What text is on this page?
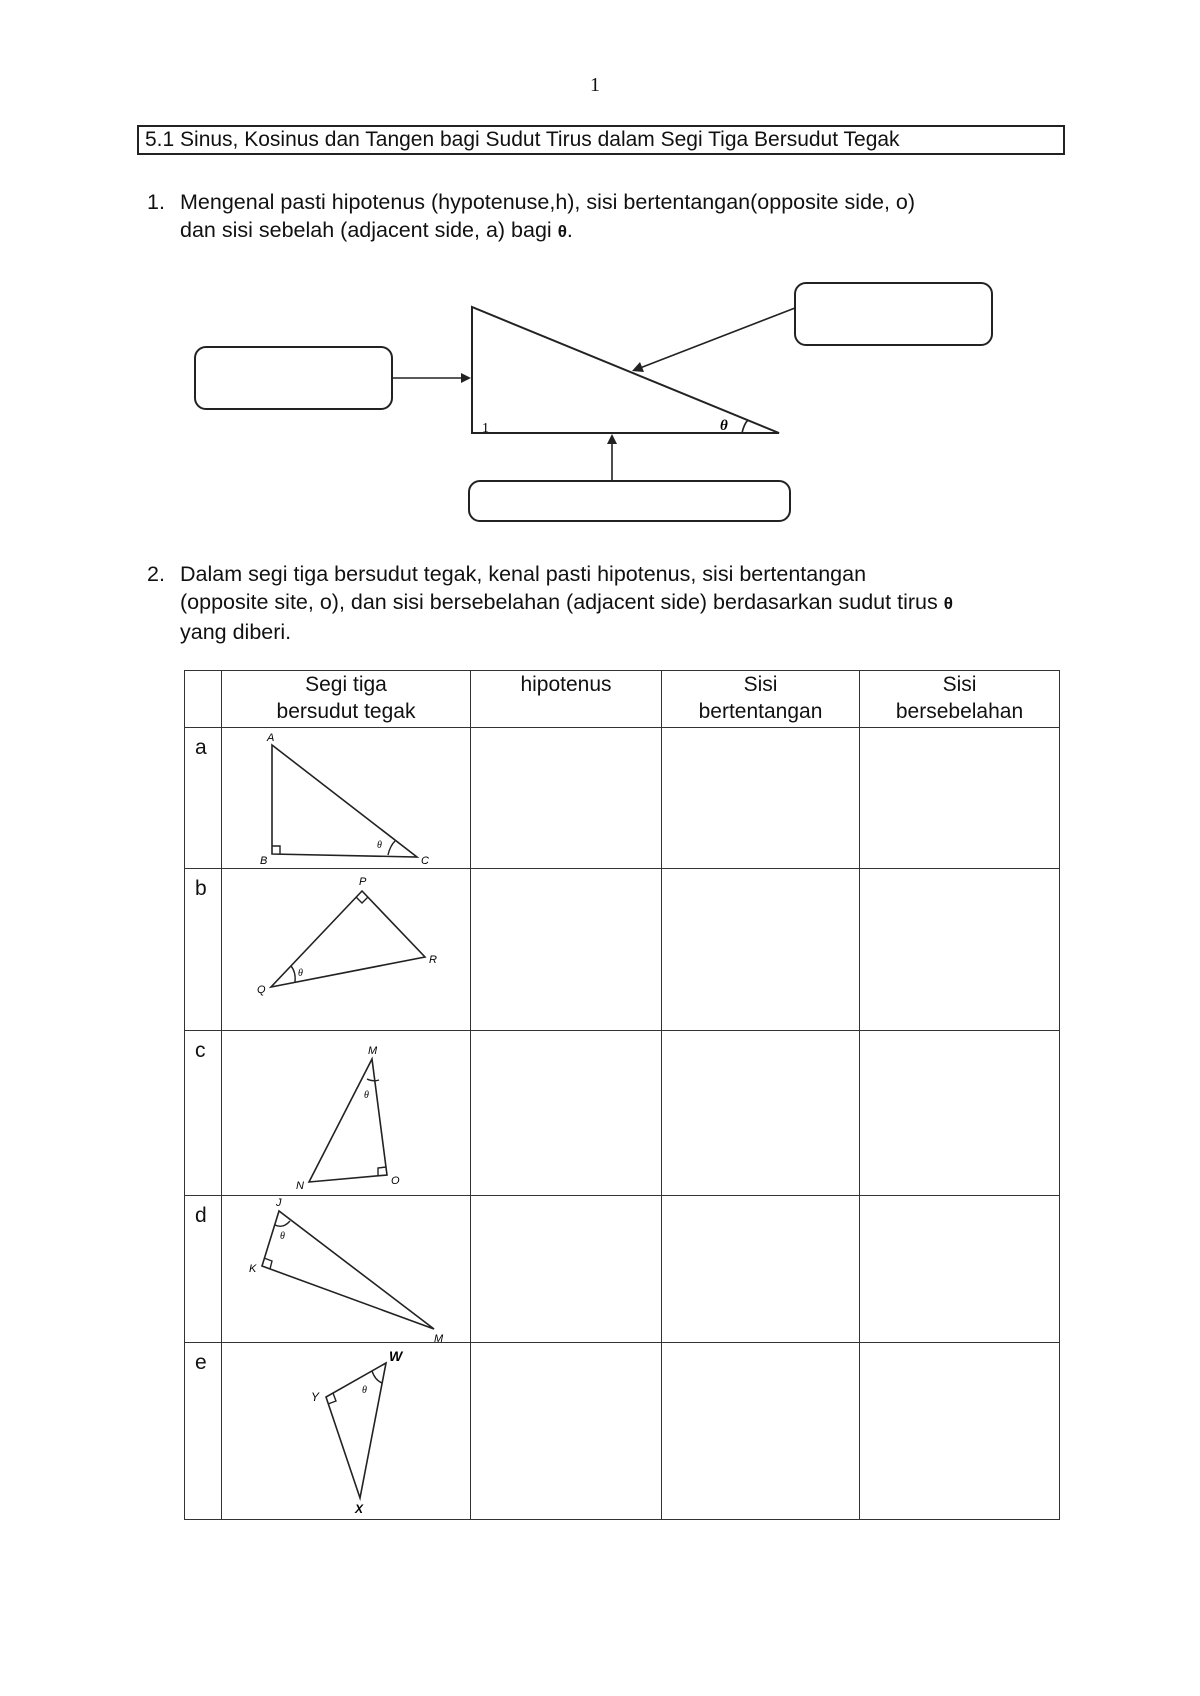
1
5.1 Sinus, Kosinus dan Tangen bagi Sudut Tirus dalam Segi Tiga Bersudut Tegak
1. Mengenal pasti hipotenus (hypotenuse,h), sisi bertentangan(opposite side, o)
dan sisi sebelah (adjacent side, a) bagi θ.
θ
1
2. Dalam segi tiga bersudut tegak, kenal pasti hipotenus, sisi bertentangan
(opposite site, o), dan sisi bersebelahan (adjacent side) berdasarkan sudut tirus θ
yang diberi.

	Segi tiga
bersudut tegak	hipotenus	Sisi
bertentangan	Sisi
bersebelahan

a	A
B C
θ			

b	P
Q
R
θ			

c	M
N O
θ			

d	J
K
M
θ			

e	W
Y
X
θ			
